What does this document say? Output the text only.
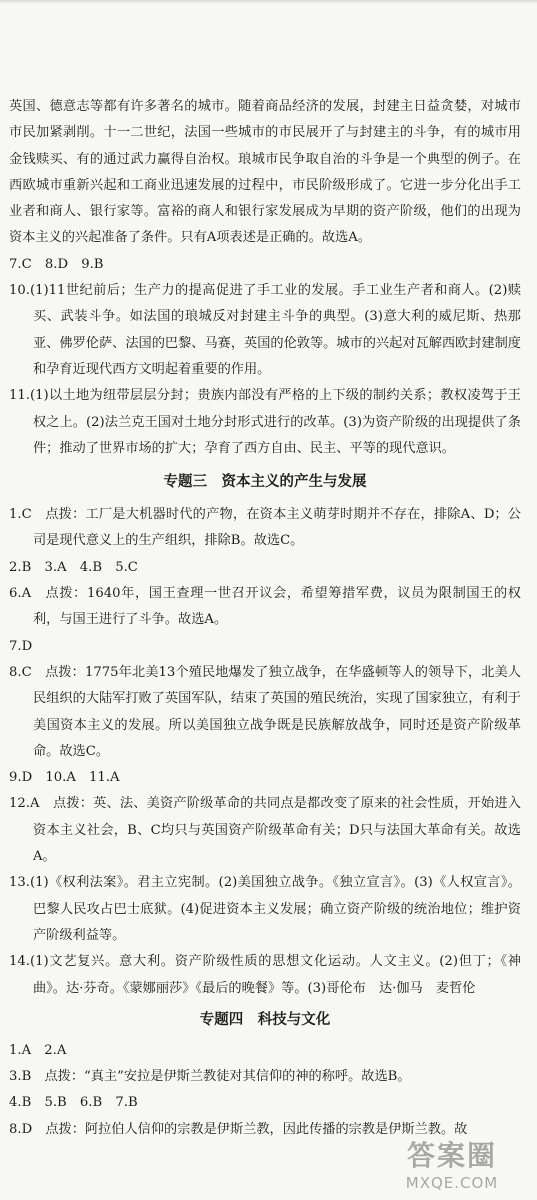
英国、德意志等都有许多著名的城市。随着商品经济的发展，封建主日益贪婪，对城市市民加紧剥削。十一二世纪，法国一些城市的市民展开了与封建主的斗争，有的城市用金钱赎买、有的通过武力赢得自治权。琅城市民争取自治的斗争是一个典型的例子。在西欧城市重新兴起和工商业迅速发展的过程中，市民阶级形成了。它进一步分化出手工业者和商人、银行家等。富裕的商人和银行家发展成为早期的资产阶级，他们的出现为资本主义的兴起准备了条件。只有A项表述是正确的。故选A。

7.C　8.D　9.B

10.(1)11世纪前后；生产力的提高促进了手工业的发展。手工业生产者和商人。(2)赎买、武装斗争。如法国的琅城反对封建主斗争的典型。(3)意大利的威尼斯、热那亚、佛罗伦萨、法国的巴黎、马赛，英国的伦敦等。城市的兴起对瓦解西欧封建制度和孕育近现代西方文明起着重要的作用。

11.(1)以土地为纽带层层分封；贵族内部没有严格的上下级的制约关系；教权凌驾于王权之上。(2)法兰克王国对土地分封形式进行的改革。(3)为资产阶级的出现提供了条件；推动了世界市场的扩大；孕育了西方自由、民主、平等的现代意识。

专题三　资本主义的产生与发展

1.C　点拨：工厂是大机器时代的产物，在资本主义萌芽时期并不存在，排除A、D；公司是现代意义上的生产组织，排除B。故选C。

2.B　3.A　4.B　5.C

6.A　点拨：1640年，国王查理一世召开议会，希望筹措军费，议员为限制国王的权利，与国王进行了斗争。故选A。

7.D

8.C　点拨：1775年北美13个殖民地爆发了独立战争，在华盛顿等人的领导下，北美人民组织的大陆军打败了英国军队，结束了英国的殖民统治，实现了国家独立，有利于美国资本主义的发展。所以美国独立战争既是民族解放战争，同时还是资产阶级革命。故选C。

9.D　10.A　11.A

12.A　点拨：英、法、美资产阶级革命的共同点是都改变了原来的社会性质，开始进入资本主义社会，B、C均只与英国资产阶级革命有关；D只与法国大革命有关。故选A。

13.(1)《权利法案》。君主立宪制。(2)美国独立战争。《独立宣言》。(3)《人权宣言》。巴黎人民攻占巴士底狱。(4)促进资本主义发展；确立资产阶级的统治地位；维护资产阶级利益等。

14.(1)文艺复兴。意大利。资产阶级性质的思想文化运动。人文主义。(2)但丁；《神曲》。达·芬奇。《蒙娜丽莎》《最后的晚餐》等。(3)哥伦布　达·伽马　麦哲伦

专题四　科技与文化

1.A　2.A

3.B　点拨：“真主”安拉是伊斯兰教徒对其信仰的神的称呼。故选B。

4.B　5.B　6.B　7.B

8.D　点拨：阿拉伯人信仰的宗教是伊斯兰教，因此传播的宗教是伊斯兰教。故

答案圈
MXQE.COM
